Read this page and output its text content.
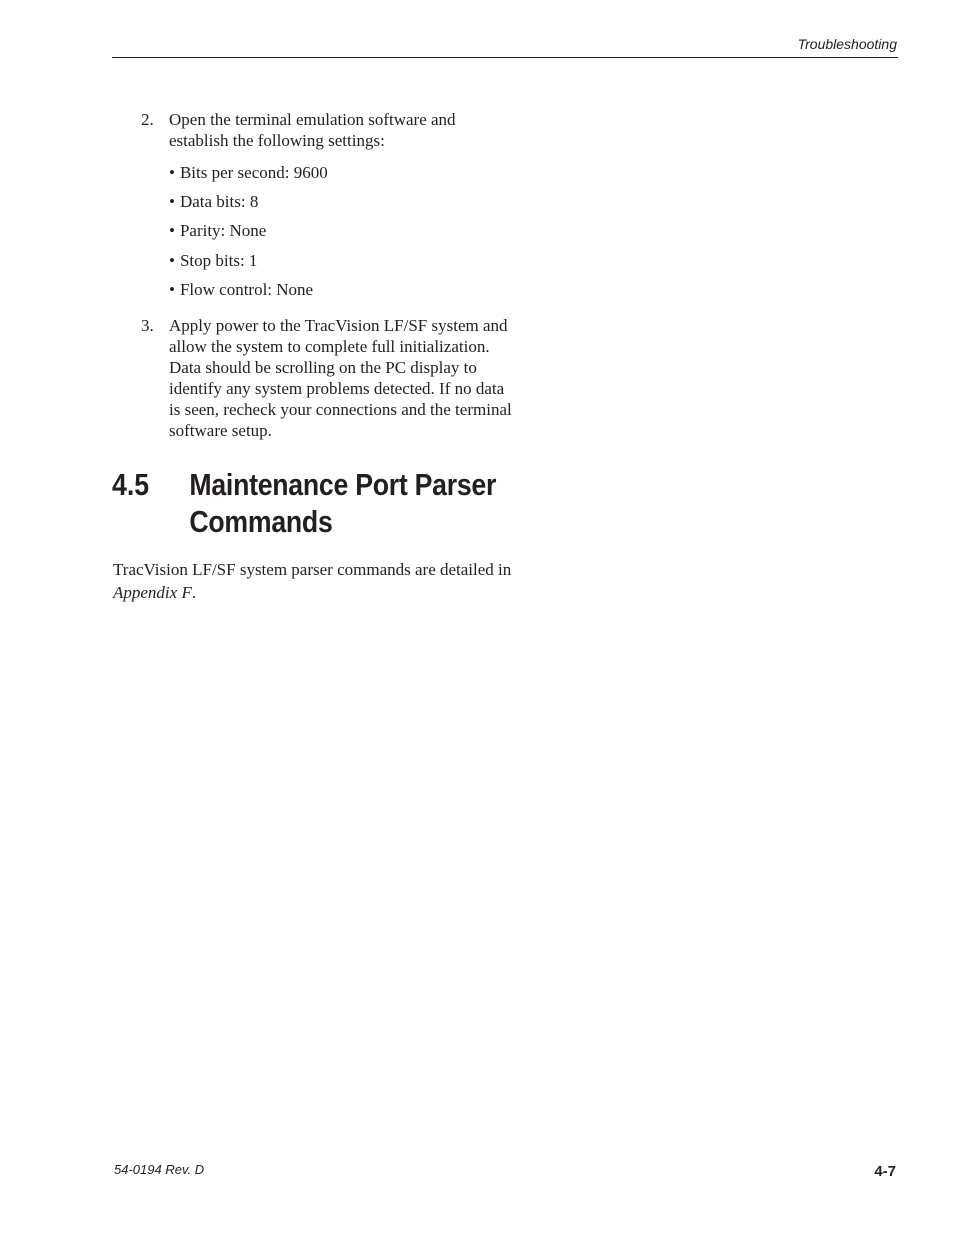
Troubleshooting
2. Open the terminal emulation software and
establish the following settings:
• Bits per second: 9600
• Data bits: 8
• Parity: None
• Stop bits: 1
• Flow control: None
3. Apply power to the TracVision LF/SF system and
allow the system to complete full initialization.
Data should be scrolling on the PC display to
identify any system problems detected. If no data
is seen, recheck your connections and the terminal
software setup.
4.5 Maintenance Port Parser
Commands
TracVision LF/SF system parser commands are detailed in
Appendix F.
54-0194 Rev. D	4-7
